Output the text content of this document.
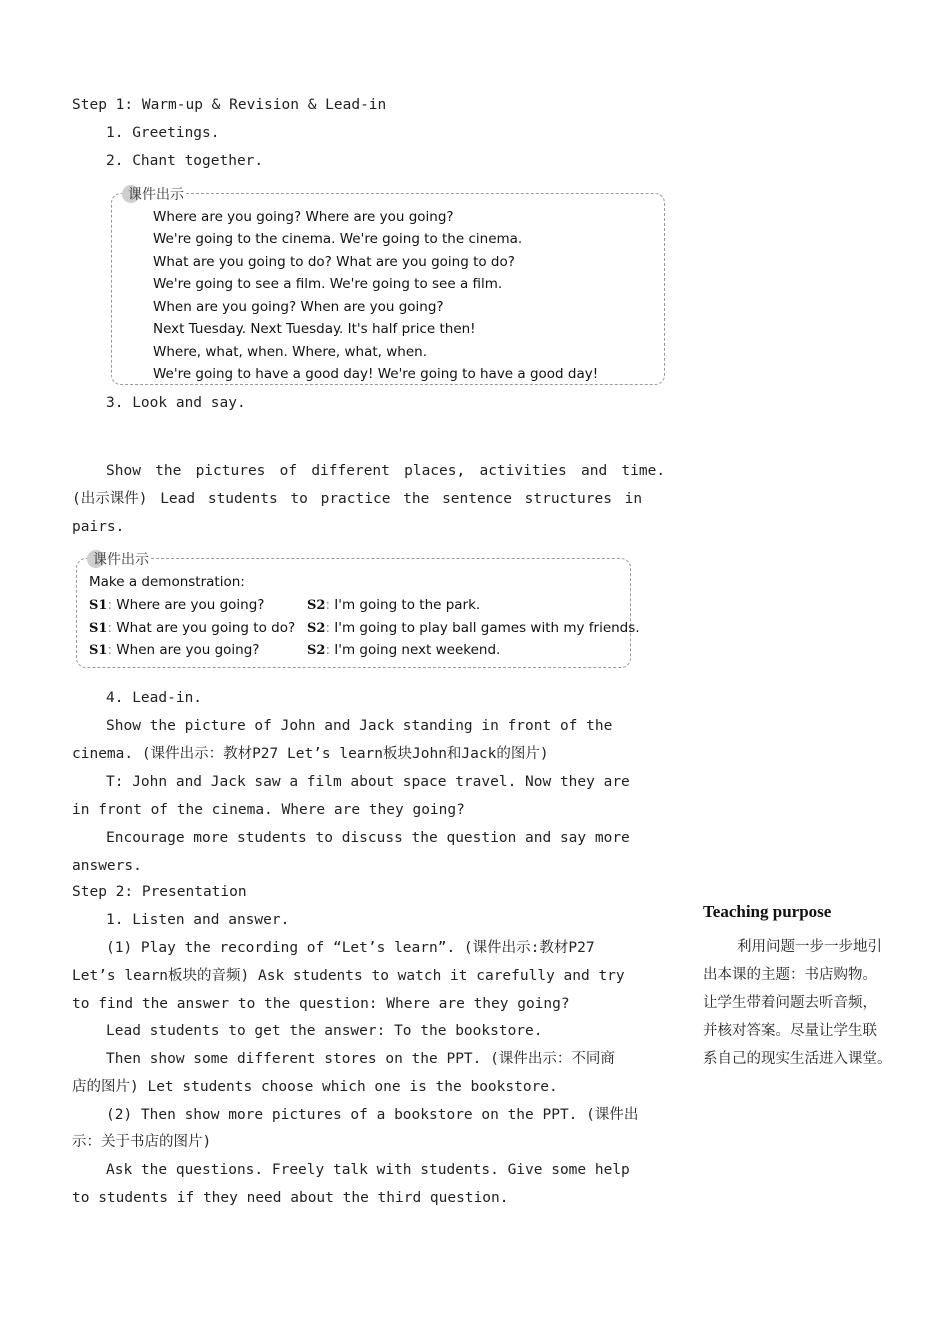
Step 1: Warm-up & Revision & Lead-in
1. Greetings.
2. Chant together.
课件出示
Where are you going? Where are you going?
We're going to the cinema. We're going to the cinema.
What are you going to do? What are you going to do?
We're going to see a film. We're going to see a film.
When are you going? When are you going?
Next Tuesday. Next Tuesday. It's half price then!
Where, what, when. Where, what, when.
We're going to have a good day! We're going to have a good day!
3. Look and say.
Show the pictures of different places, activities and time.
(出示课件) Lead students to practice the sentence structures in
pairs.
课件出示
Make a demonstration:
S1: Where are you going?	S2: I'm going to the park.
S1: What are you going to do? S2: I'm going to play ball games with my friends.
S1: When are you going?	S2: I'm going next weekend.
4. Lead-in.
Show the picture of John and Jack standing in front of the
cinema. (课件出示：教材P27 Let’s learn板块John和Jack的图片)
T: John and Jack saw a film about space travel. Now they are
in front of the cinema. Where are they going?
Encourage more students to discuss the question and say more
answers.
Step 2: Presentation
1. Listen and answer.
(1) Play the recording of “Let’s learn”. (课件出示:教材P27
Let’s learn板块的音频) Ask students to watch it carefully and try
to find the answer to the question: Where are they going?
Lead students to get the answer: To the bookstore.
Then show some different stores on the PPT. (课件出示：不同商
店的图片) Let students choose which one is the bookstore.
(2) Then show more pictures of a bookstore on the PPT. (课件出
示：关于书店的图片)
Ask the questions. Freely talk with students. Give some help
to students if they need about the third question.
Teaching purpose
利用问题一步一步地引
出本课的主题：书店购物。
让学生带着问题去听音频，
并核对答案。尽量让学生联
系自己的现实生活进入课堂。
